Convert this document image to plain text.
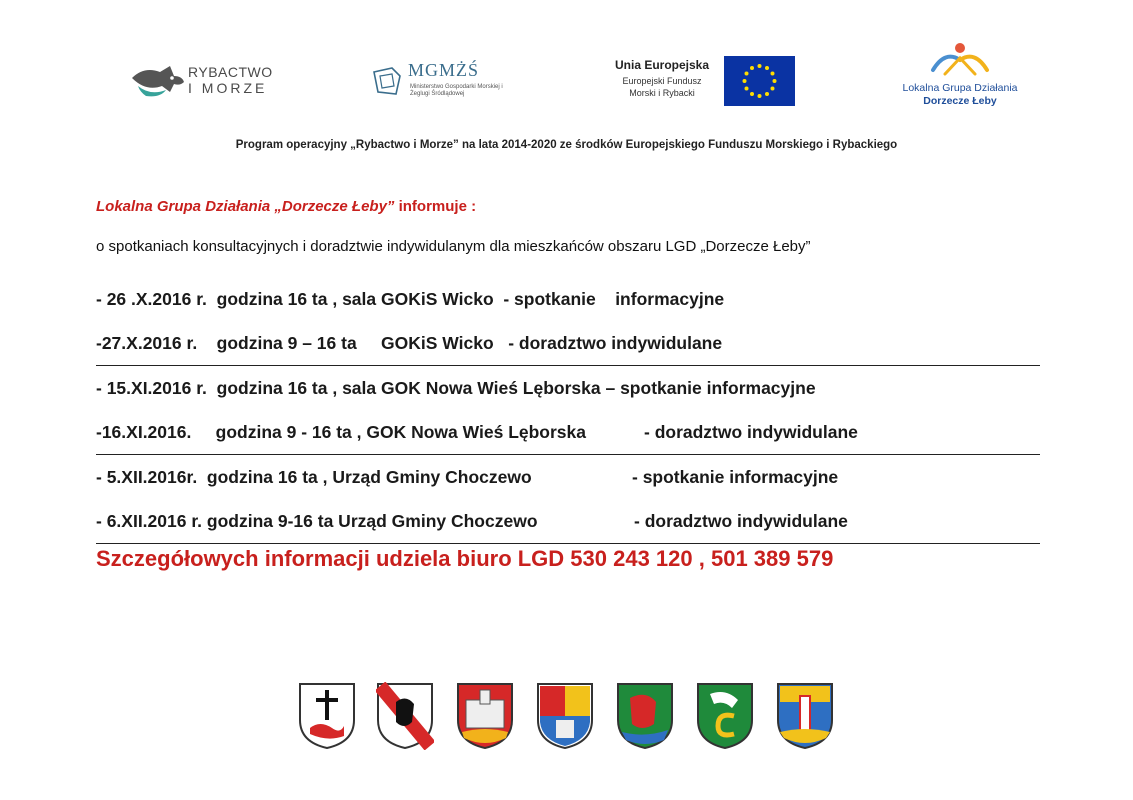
RYBACTWO
I MORZE
MGMŻŚ
Ministerstwo Gospodarki Morskiej i Żeglugi Śródlądowej
Unia Europejska
Europejski Fundusz
Morski i Rybacki	Lokalna Grupa Działania
Dorzecze Łeby
Program operacyjny „Rybactwo i Morze” na lata 2014-2020 ze środków Europejskiego Funduszu Morskiego i Rybackiego
Lokalna Grupa Działania „Dorzecze Łeby” informuje :
o spotkaniach konsultacyjnych i doradztwie indywidulanym dla mieszkańców obszaru LGD „Dorzecze Łeby”
- 26 .X.2016 r.  godzina 16 ta , sala GOKiS Wicko  - spotkanie    informacyjne
-27.X.2016 r.    godzina 9 – 16 ta     GOKiS Wicko   - doradztwo indywidulane
- 15.XI.2016 r.  godzina 16 ta , sala GOK Nowa Wieś Lęborska – spotkanie informacyjne
-16.XI.2016.     godzina 9 - 16 ta , GOK Nowa Wieś Lęborska	- doradztwo indywidulane
- 5.XII.2016r.  godzina 16 ta , Urząd Gminy Choczewo	- spotkanie informacyjne
- 6.XII.2016 r. godzina 9-16 ta Urząd Gminy Choczewo	- doradztwo indywidulane
Szczegółowych informacji udziela biuro LGD 530 243 120 , 501 389 579
